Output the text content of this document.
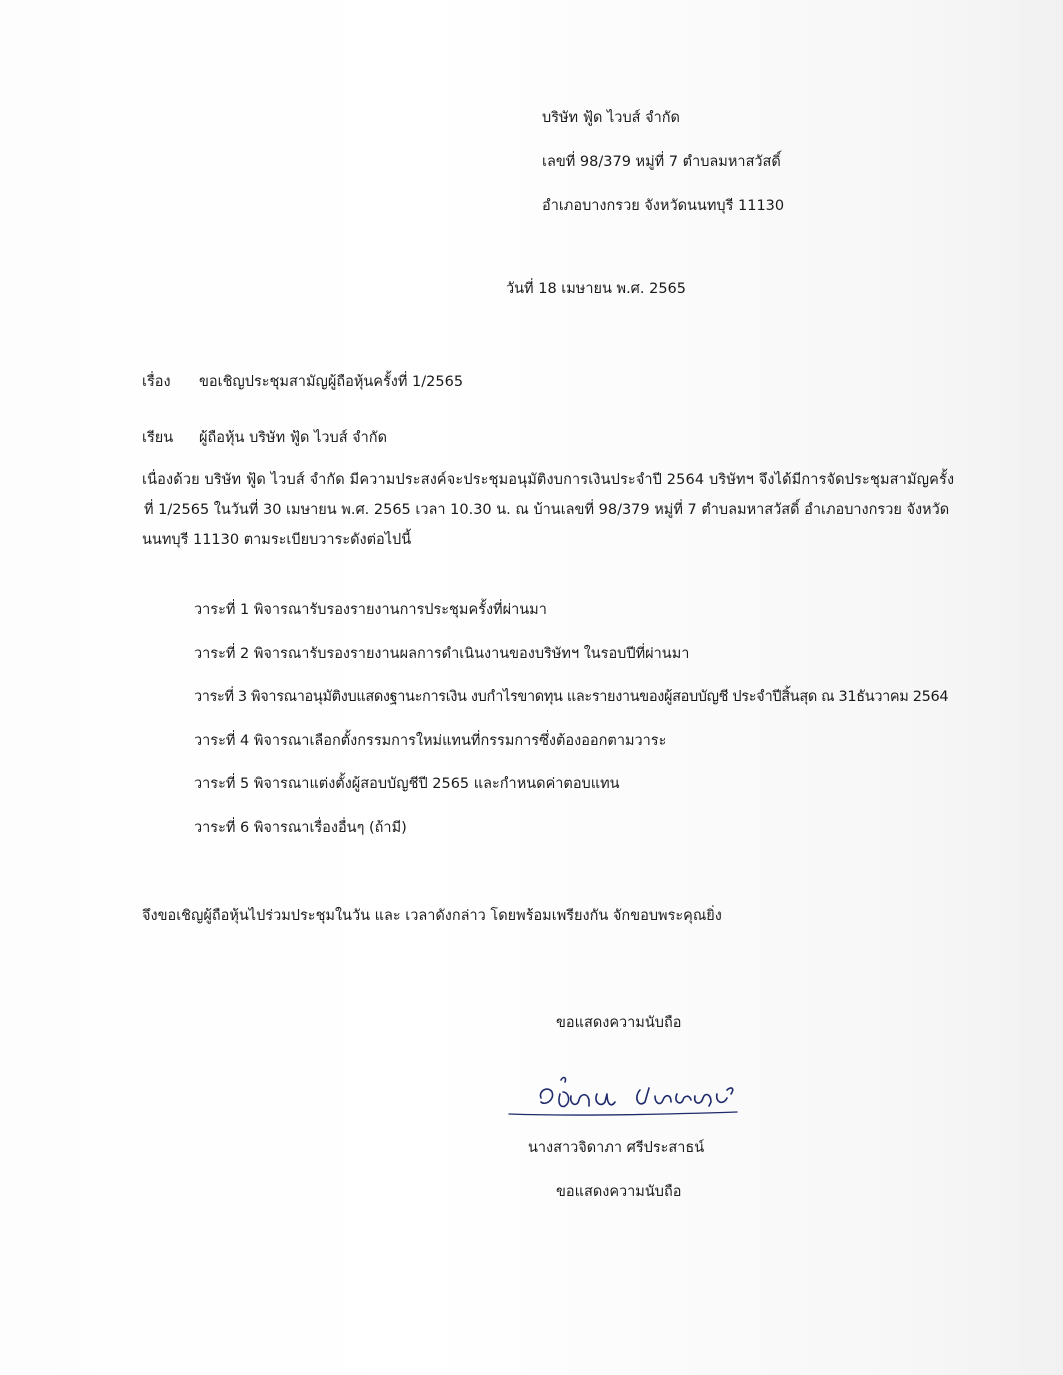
บริษัท ฟู้ด ไวบส์ จำกัด
เลขที่ 98/379 หมู่ที่ 7 ตำบลมหาสวัสดิ์
อำเภอบางกรวย จังหวัดนนทบุรี 11130
วันที่ 18 เมษายน พ.ศ. 2565
เรื่อง ขอเชิญประชุมสามัญผู้ถือหุ้นครั้งที่ 1/2565
เรียน ผู้ถือหุ้น บริษัท ฟู้ด ไวบส์ จำกัด
เนื่องด้วย บริษัท ฟู้ด ไวบส์ จำกัด มีความประสงค์จะประชุมอนุมัติงบการเงินประจำปี 2564 บริษัทฯ จึงได้มีการจัดประชุมสามัญครั้ง
ที่ 1/2565 ในวันที่ 30 เมษายน พ.ศ. 2565 เวลา 10.30 น. ณ บ้านเลขที่ 98/379 หมู่ที่ 7 ตำบลมหาสวัสดิ์ อำเภอบางกรวย จังหวัด
นนทบุรี 11130 ตามระเบียบวาระดังต่อไปนี้
วาระที่ 1 พิจารณารับรองรายงานการประชุมครั้งที่ผ่านมา
วาระที่ 2 พิจารณารับรองรายงานผลการดำเนินงานของบริษัทฯ ในรอบปีที่ผ่านมา
วาระที่ 3 พิจารณาอนุมัติงบแสดงฐานะการเงิน งบกำไรขาดทุน และรายงานของผู้สอบบัญชี ประจำปีสิ้นสุด ณ 31ธันวาคม 2564
วาระที่ 4 พิจารณาเลือกตั้งกรรมการใหม่แทนที่กรรมการซึ่งต้องออกตามวาระ
วาระที่ 5 พิจารณาแต่งตั้งผู้สอบบัญชีปี 2565 และกำหนดค่าตอบแทน
วาระที่ 6 พิจารณาเรื่องอื่นๆ (ถ้ามี)
จึงขอเชิญผู้ถือหุ้นไปร่วมประชุมในวัน และ เวลาดังกล่าว โดยพร้อมเพรียงกัน จักขอบพระคุณยิ่ง
ขอแสดงความนับถือ
นางสาวจิดาภา ศรีประสาธน์
ขอแสดงความนับถือ
